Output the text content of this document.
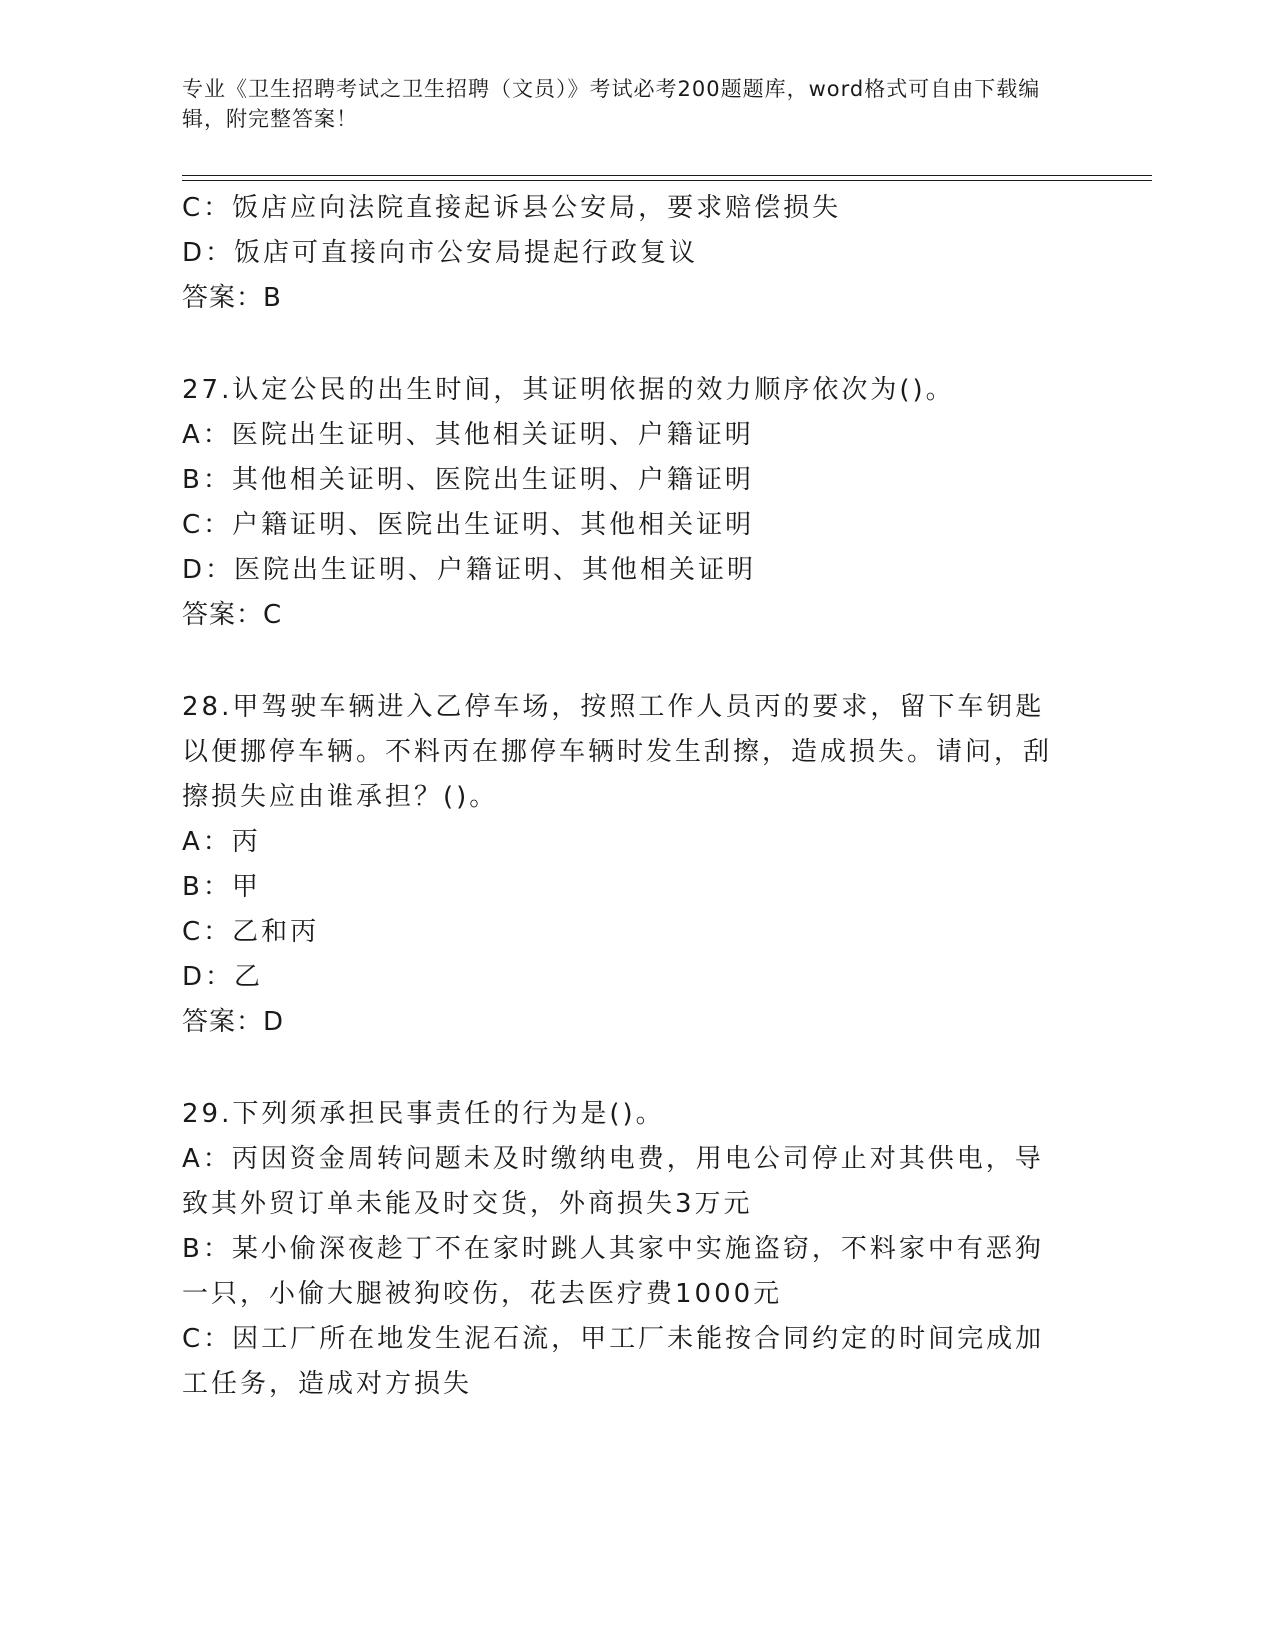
专业《卫生招聘考试之卫生招聘（文员）》考试必考200题题库，word格式可自由下载编辑，附完整答案！
C：饭店应向法院直接起诉县公安局，要求赔偿损失
D：饭店可直接向市公安局提起行政复议
答案：B
27.认定公民的出生时间，其证明依据的效力顺序依次为()。
A：医院出生证明、其他相关证明、户籍证明
B：其他相关证明、医院出生证明、户籍证明
C：户籍证明、医院出生证明、其他相关证明
D：医院出生证明、户籍证明、其他相关证明
答案：C
28.甲驾驶车辆进入乙停车场，按照工作人员丙的要求，留下车钥匙以便挪停车辆。不料丙在挪停车辆时发生刮擦，造成损失。请问，刮擦损失应由谁承担？()。
A：丙
B：甲
C：乙和丙
D：乙
答案：D
29.下列须承担民事责任的行为是()。
A：丙因资金周转问题未及时缴纳电费，用电公司停止对其供电，导致其外贸订单未能及时交货，外商损失3万元
B：某小偷深夜趁丁不在家时跳人其家中实施盗窃，不料家中有恶狗一只，小偷大腿被狗咬伤，花去医疗费1000元
C：因工厂所在地发生泥石流，甲工厂未能按合同约定的时间完成加工任务，造成对方损失
